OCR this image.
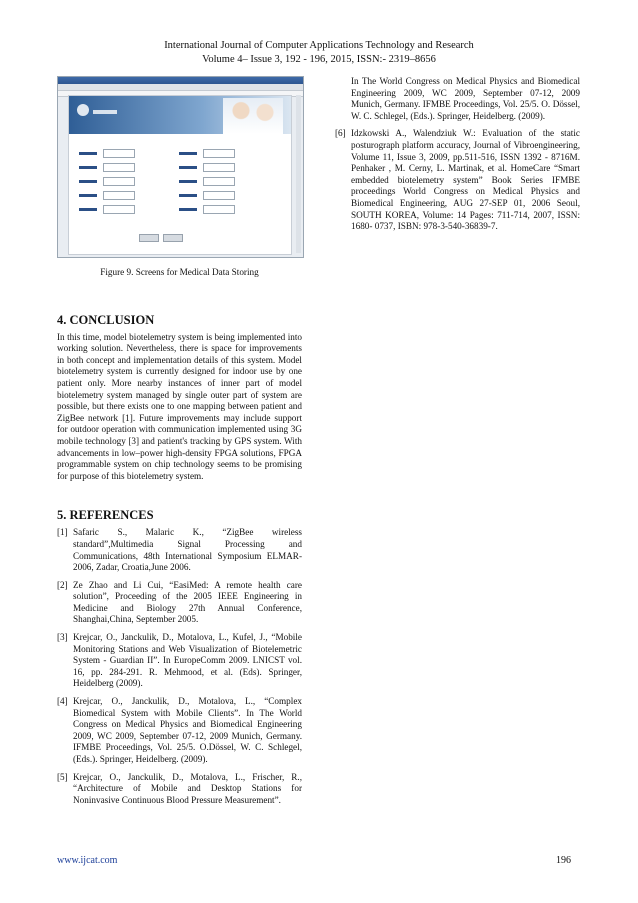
International Journal of Computer Applications Technology and Research
Volume 4– Issue 3, 192 - 196, 2015, ISSN:- 2319–8656

Figure 9. Screens for Medical Data Storing

4. CONCLUSION

In this time, model biotelemetry system is being implemented into working solution. Nevertheless, there is space for improvements in both concept and implementation details of this system. Model biotelemetry system is currently designed for indoor use by one patient only. More nearby instances of inner part of model biotelemetry system managed by single outer part of system are possible, but there exists one to one mapping between patient and ZigBee network [1]. Future improvements may include support for outdoor operation with communication implemented using 3G mobile technology [3] and patient's tracking by GPS system. With advancements in low–power high-density FPGA solutions, FPGA programmable system on chip technology seems to be promising for purpose of this biotelemetry system.

5. REFERENCES
[1] Safaric S., Malaric K., “ZigBee wireless standard”,Multimedia Signal Processing and Communications, 48th International Symposium ELMAR-2006, Zadar, Croatia,June 2006.
[2] Ze Zhao and Li Cui, “EasiMed: A remote health care solution”, Proceeding of the 2005 IEEE Engineering in Medicine and Biology 27th Annual Conference, Shanghai,China, September 2005.
[3] Krejcar, O., Janckulik, D., Motalova, L., Kufel, J., “Mobile Monitoring Stations and Web Visualization of Biotelemetric System - Guardian II”. In EuropeComm 2009. LNICST vol. 16, pp. 284-291. R. Mehmood, et al. (Eds). Springer, Heidelberg (2009).
[4] Krejcar, O., Janckulik, D., Motalova, L., “Complex Biomedical System with Mobile Clients”. In The World Congress on Medical Physics and Biomedical Engineering 2009, WC 2009, September 07-12, 2009 Munich, Germany. IFMBE Proceedings, Vol. 25/5. O.Dössel, W. C. Schlegel, (Eds.). Springer, Heidelberg. (2009).
[5] Krejcar, O., Janckulik, D., Motalova, L., Frischer, R., “Architecture of Mobile and Desktop Stations for Noninvasive Continuous Blood Pressure Measurement”.
In The World Congress on Medical Physics and Biomedical Engineering 2009, WC 2009, September 07-12, 2009 Munich, Germany. IFMBE Proceedings, Vol. 25/5. O. Dössel, W. C. Schlegel, (Eds.). Springer, Heidelberg. (2009).
[6] Idzkowski A., Walendziuk W.: Evaluation of the static posturograph platform accuracy, Journal of Vibroengineering, Volume 11, Issue 3, 2009, pp.511-516, ISSN 1392 - 8716M. Penhaker , M. Cerny, L. Martinak, et al. HomeCare “Smart embedded biotelemetry system” Book Series IFMBE proceedings World Congress on Medical Physics and Biomedical Engineering, AUG 27-SEP 01, 2006 Seoul, SOUTH KOREA, Volume: 14 Pages: 711-714, 2007, ISSN: 1680- 0737, ISBN: 978-3-540-36839-7.
www.ijcat.com	196
